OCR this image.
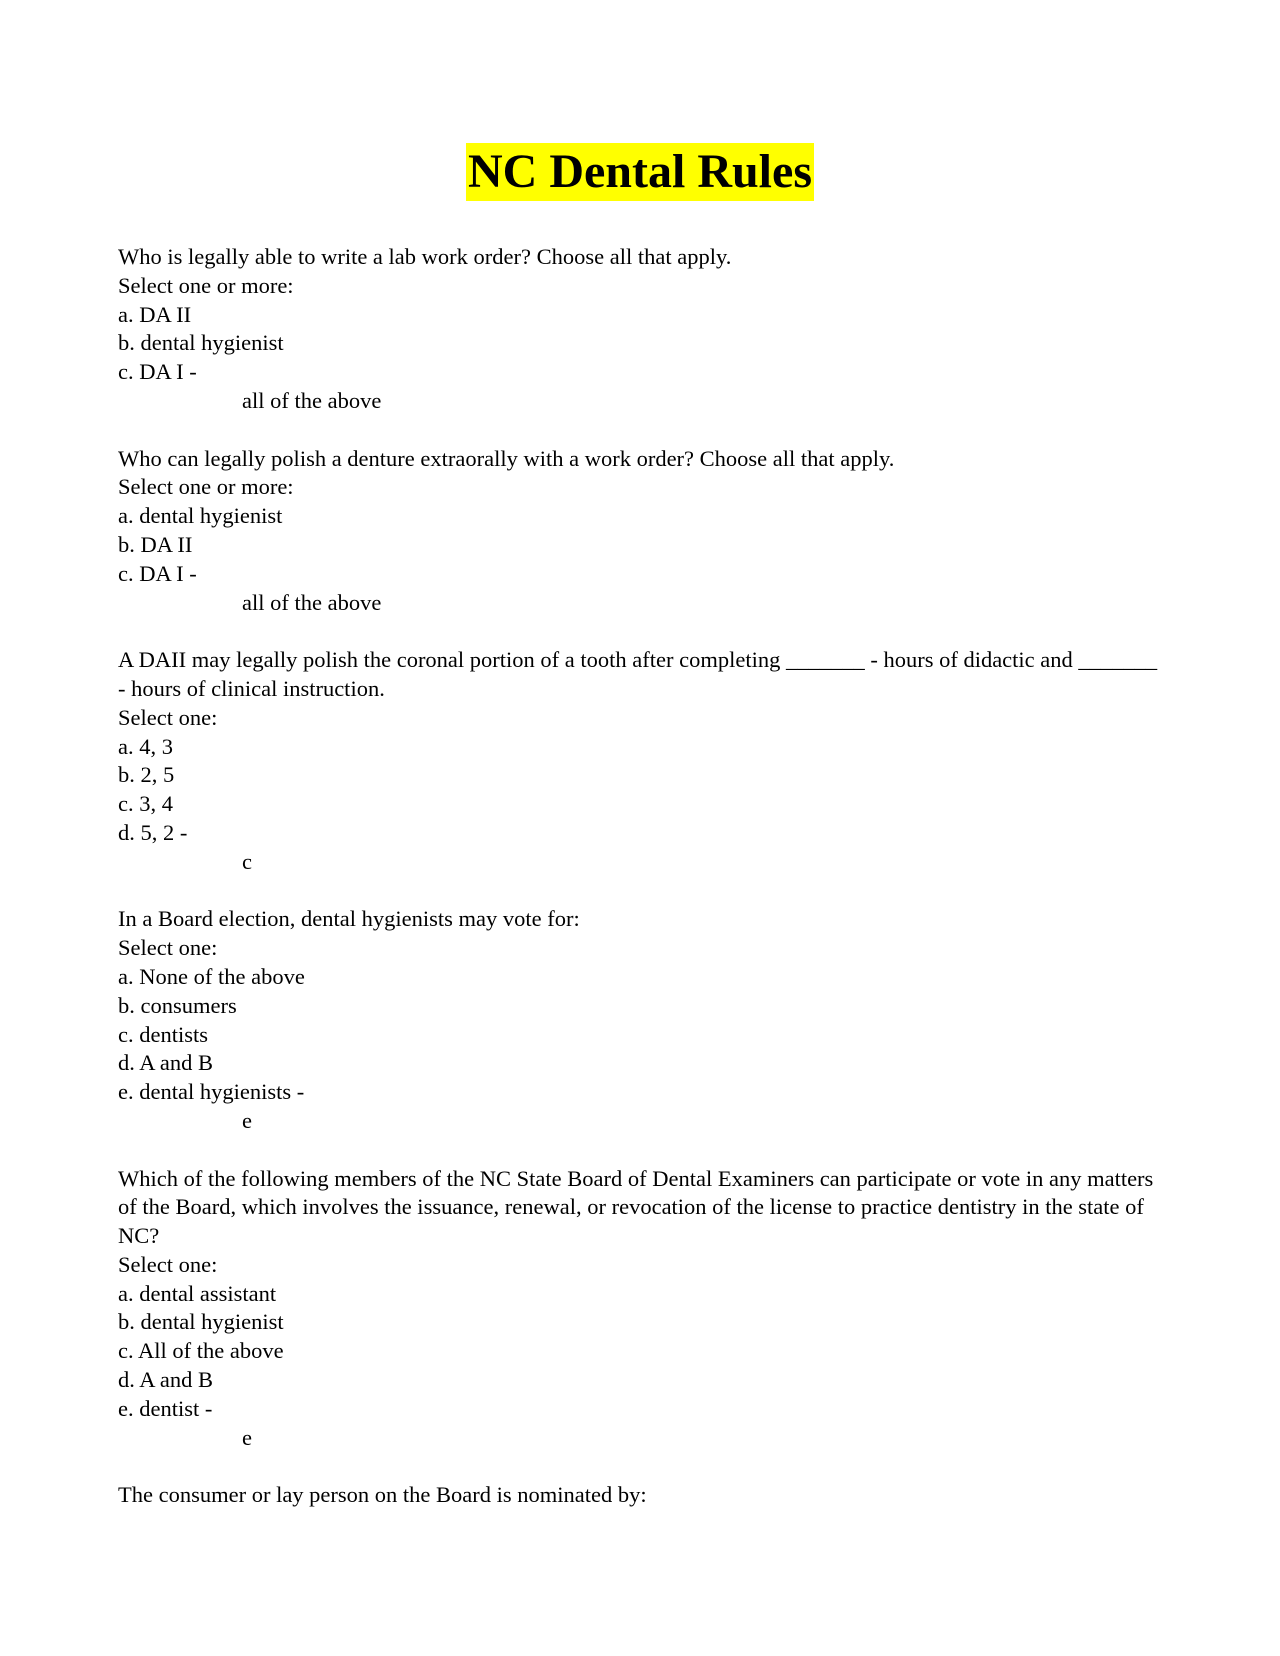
NC Dental Rules
Who is legally able to write a lab work order? Choose all that apply.
Select one or more:
a. DA II
b. dental hygienist
c. DA I -
all of the above
Who can legally polish a denture extraorally with a work order? Choose all that apply.
Select one or more:
a. dental hygienist
b. DA II
c. DA I -
all of the above
A DAII may legally polish the coronal portion of a tooth after completing _______ - hours of didactic and _______ - hours of clinical instruction.
Select one:
a. 4, 3
b. 2, 5
c. 3, 4
d. 5, 2 -
c
In a Board election, dental hygienists may vote for:
Select one:
a. None of the above
b. consumers
c. dentists
d. A and B
e. dental hygienists -
e
Which of the following members of the NC State Board of Dental Examiners can participate or vote in any matters of the Board, which involves the issuance, renewal, or revocation of the license to practice dentistry in the state of NC?
Select one:
a. dental assistant
b. dental hygienist
c. All of the above
d. A and B
e. dentist -
e
The consumer or lay person on the Board is nominated by:
